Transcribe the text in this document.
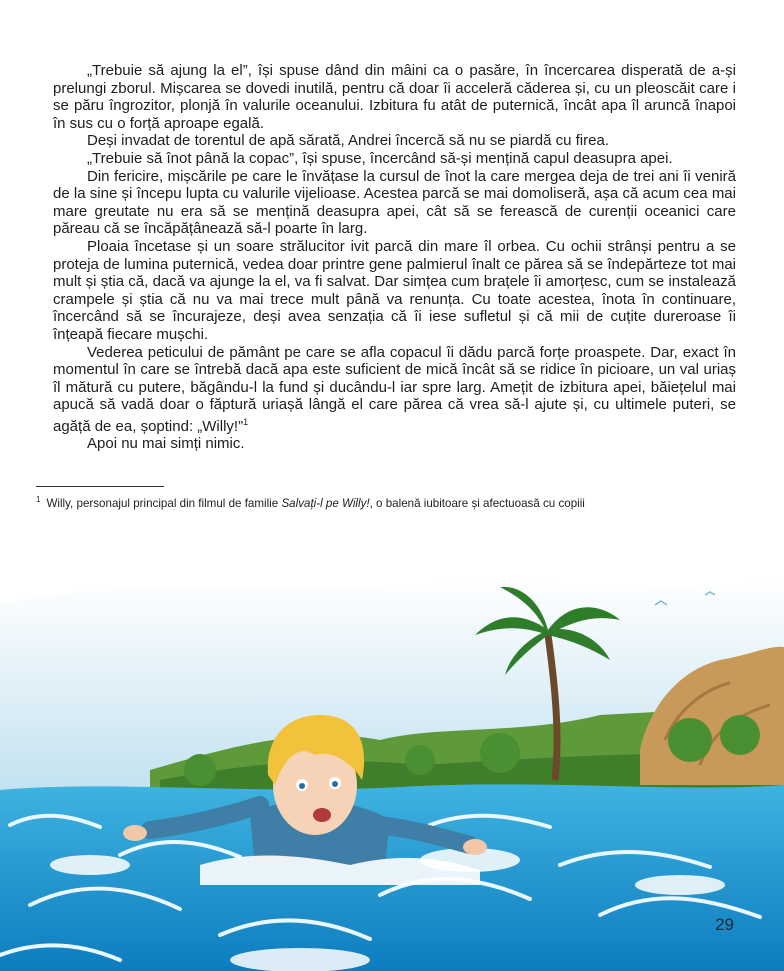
„Trebuie să ajung la el”, își spuse dând din mâini ca o pasăre, în încercarea disperată de a-și prelungi zborul. Mișcarea se dovedi inutilă, pentru că doar îi acceleră căderea și, cu un pleoscăit care i se păru îngrozitor, plonjă în valurile oceanului. Izbitura fu atât de puternică, încât apa îl aruncă înapoi în sus cu o forță aproape egală.

Deși invadat de torentul de apă sărată, Andrei încercă să nu se piardă cu firea.

„Trebuie să înot până la copac”, își spuse, încercând să-și mențină capul deasupra apei.

Din fericire, mișcările pe care le învățase la cursul de înot la care mergea deja de trei ani îi veniră de la sine și începu lupta cu valurile vijelioase. Acestea parcă se mai domoliseră, așa că acum cea mai mare greutate nu era să se mențină deasupra apei, cât să se ferească de curenții oceanici care păreau că se încăpățânează să-l poarte în larg.

Ploaia încetase și un soare strălucitor ivit parcă din mare îl orbea. Cu ochii strânși pentru a se proteja de lumina puternică, vedea doar printre gene palmierul înalt ce părea să se îndepărteze tot mai mult și știa că, dacă va ajunge la el, va fi salvat. Dar simțea cum brațele îi amorțesc, cum se instalează crampele și știa că nu va mai trece mult până va renunța. Cu toate acestea, înota în continuare, încercând să se încurajeze, deși avea senzația că îi iese sufletul și că mii de cuțite dureroase îi înțeapă fiecare mușchi.

Vederea peticului de pământ pe care se afla copacul îi dădu parcă forțe proaspete. Dar, exact în momentul în care se întrebă dacă apa este suficient de mică încât să se ridice în picioare, un val uriaș îl mătură cu putere, băgându-l la fund și ducându-l iar spre larg. Amețit de izbitura apei, băiețelul mai apucă să vadă doar o făptură uriașă lângă el care părea că vrea să-l ajute și, cu ultimele puteri, se agăță de ea, șoptind: „Willy!”$^1$

Apoi nu mai simți nimic.

$^1$ Willy, personajul principal din filmul de familie Salvați-l pe Willy!, o balenă iubitoare și afectuoasă cu copiii
29
